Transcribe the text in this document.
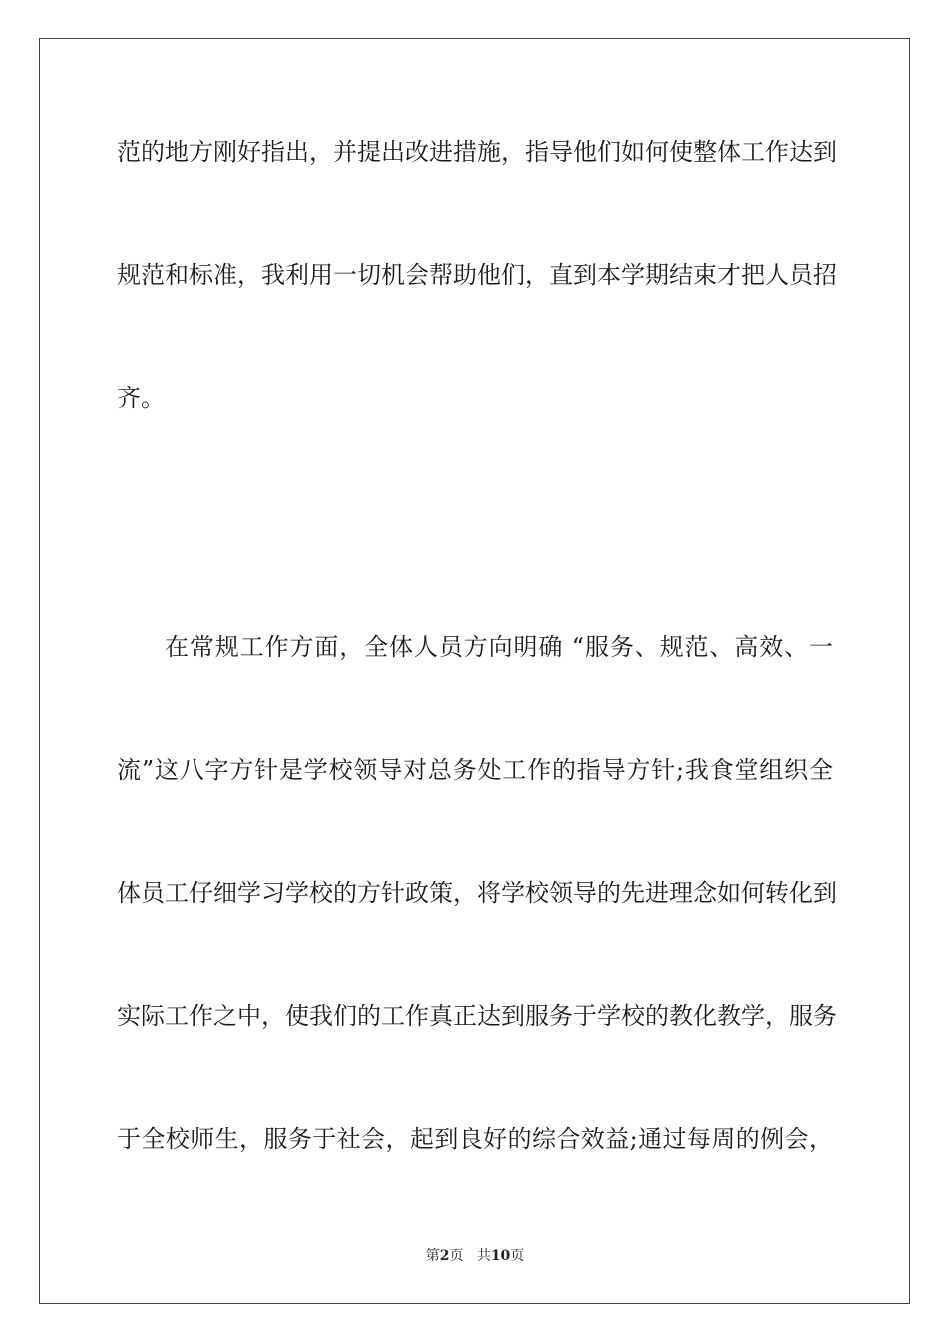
范的地方刚好指出，并提出改进措施，指导他们如何使整体工作达到
规范和标准，我利用一切机会帮助他们，直到本学期结束才把人员招
齐。
在常规工作方面，全体人员方向明确 “服务、规范、高效、一
流”这八字方针是学校领导对总务处工作的指导方针;我食堂组织全
体员工仔细学习学校的方针政策，将学校领导的先进理念如何转化到
实际工作之中，使我们的工作真正达到服务于学校的教化教学，服务
于全校师生，服务于社会，起到良好的综合效益;通过每周的例会，
第2页 共10页
